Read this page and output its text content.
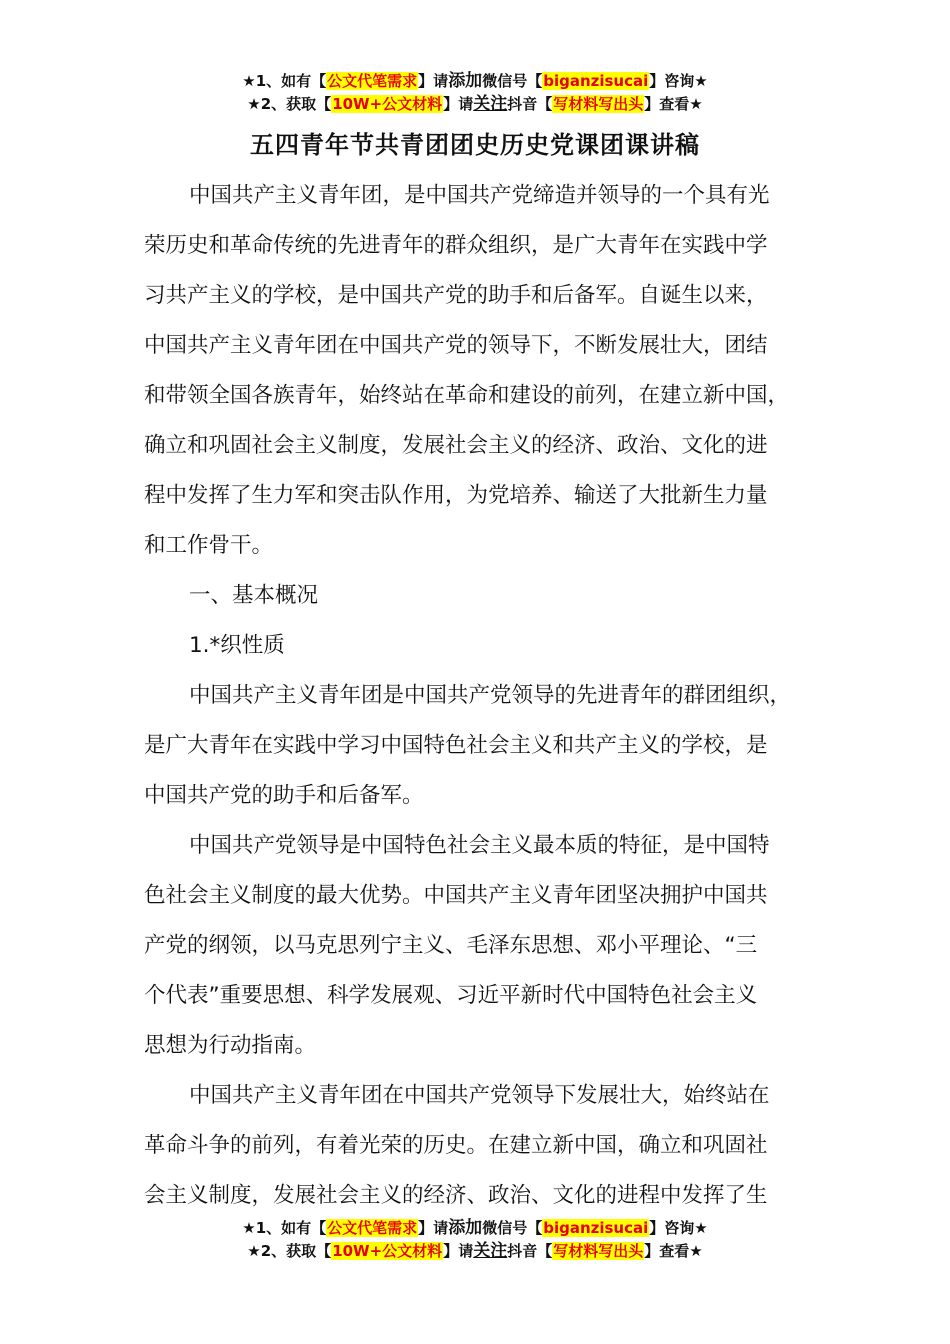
★1、如有【公文代笔需求】请添加微信号【biganzisucai】咨询★
★2、获取【10W+公文材料】请关注抖音【写材料写出头】查看★
五四青年节共青团团史历史党课团课讲稿
中国共产主义青年团，是中国共产党缔造并领导的一个具有光
荣历史和革命传统的先进青年的群众组织，是广大青年在实践中学
习共产主义的学校，是中国共产党的助手和后备军。自诞生以来，
中国共产主义青年团在中国共产党的领导下，不断发展壮大，团结
和带领全国各族青年，始终站在革命和建设的前列，在建立新中国，
确立和巩固社会主义制度，发展社会主义的经济、政治、文化的进
程中发挥了生力军和突击队作用，为党培养、输送了大批新生力量
和工作骨干。
一、基本概况
1.*织性质
中国共产主义青年团是中国共产党领导的先进青年的群团组织，
是广大青年在实践中学习中国特色社会主义和共产主义的学校，是
中国共产党的助手和后备军。
中国共产党领导是中国特色社会主义最本质的特征，是中国特
色社会主义制度的最大优势。中国共产主义青年团坚决拥护中国共
产党的纲领，以马克思列宁主义、毛泽东思想、邓小平理论、“三
个代表”重要思想、科学发展观、习近平新时代中国特色社会主义
思想为行动指南。
中国共产主义青年团在中国共产党领导下发展壮大，始终站在
革命斗争的前列，有着光荣的历史。在建立新中国，确立和巩固社
会主义制度，发展社会主义的经济、政治、文化的进程中发挥了生
★1、如有【公文代笔需求】请添加微信号【biganzisucai】咨询★
★2、获取【10W+公文材料】请关注抖音【写材料写出头】查看★
